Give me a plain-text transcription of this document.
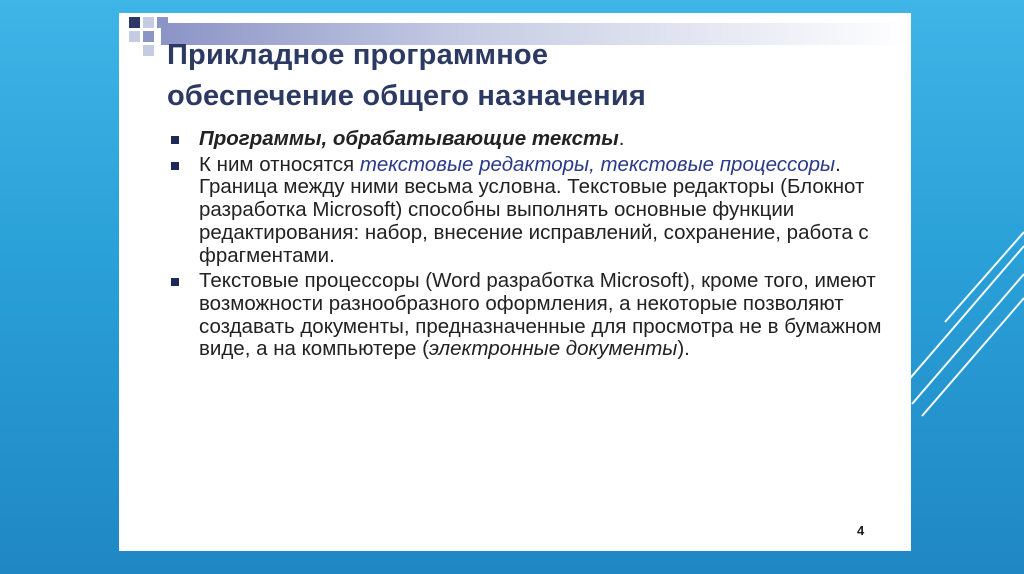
Прикладное программное
обеспечение общего назначения
Программы, обрабатывающие тексты.
К ним относятся текстовые редакторы, текстовые процессоры. Граница между ними весьма условна. Текстовые редакторы (Блокнот разработка Microsoft) способны выполнять основные функции редактирования: набор, внесение исправлений, сохранение, работа с фрагментами.
Текстовые процессоры (Word разработка Microsoft), кроме того, имеют возможности разнообразного оформления, а некоторые позволяют создавать документы, предназначенные для просмотра не в бумажном виде, а на компьютере (электронные документы).
4
